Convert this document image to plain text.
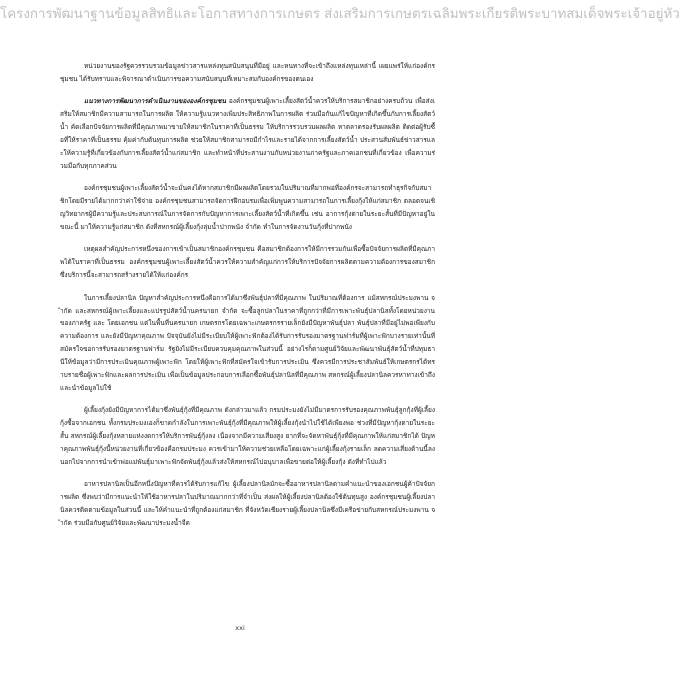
โครงการพัฒนาฐานข้อมูลสิทธิและโอกาสทางการเกษตร ส่งเสริมการเกษตรเฉลิมพระเกียรติพระบาทสมเด็จพระเจ้าอยู่หัว

หน่วยงานของรัฐควรรวบรวมข้อมูลข่าวสารแหล่งทุนสนับสนุนที่มีอยู่ และหนทางที่จะเข้าถึงแหล่งทุนเหล่านี้ เผยแพร่ให้แก่องค์กรชุมชน ได้รับทราบและพิจารณาดำเนินการขอความสนับสนุนที่เหมาะสมกับองค์กรของตนเอง

แนวทางการพัฒนาการดำเนินงานขององค์กรชุมชน องค์กรชุมชนผู้เพาะเลี้ยงสัตว์น้ำควรให้บริการสมาชิกอย่างครบถ้วน เพื่อส่งเสริมให้สมาชิกมีความสามารถในการผลิต ให้ความรู้แนวทางเพิ่มประสิทธิภาพในการผลิต ร่วมมือกันแก้ไขปัญหาที่เกิดขึ้นกับการเลี้ยงสัตว์น้ำ คัดเลือกปัจจัยการผลิตที่มีคุณภาพมาขายให้สมาชิกในราคาที่เป็นธรรม ให้บริการรวบรวมผลผลิต หาตลาดรองรับผลผลิต ติดต่อผู้รับซื้อที่ให้ราคาที่เป็นธรรม คุ้มค่ากับต้นทุนการผลิต ช่วยให้สมาชิกสามารถมีกำไรและรายได้จากการเลี้ยงสัตว์น้ำ ประสานสัมพันธ์ข่าวสารและให้ความรู้ที่เกี่ยวข้องกับการเลี้ยงสัตว์น้ำแก่สมาชิก และทำหน้าที่ประสานงานกับหน่วยงานภาครัฐและภาคเอกชนที่เกี่ยวข้อง เพื่อความร่วมมือกับทุกภาคส่วน

องค์กรชุมชนผู้เพาะเลี้ยงสัตว์น้ำจะมั่นคงได้หากสมาชิกมีผลผลิตโดยรวมในปริมาณที่มากพอที่องค์กรจะสามารถทำธุรกิจกับสมาชิกโดยมีรายได้มากกว่าค่าใช้จ่าย องค์กรชุมชนสามารถจัดการฝึกอบรมเพื่อเพิ่มพูนความสามารถในการเลี้ยงกุ้งให้แก่สมาชิก ตลอดจนเชิญวิทยากรผู้มีความรู้และประสบการณ์ในการจัดการกับปัญหาการเพาะเลี้ยงสัตว์น้ำที่เกิดขึ้น เช่น อาการกุ้งตายในระยะสั้นที่มีปัญหาอยู่ในขณะนี้ มาให้ความรู้แก่สมาชิก ดังที่สหกรณ์ผู้เลี้ยงกุ้งลุ่มน้ำปากพนัง จำกัด ทำในการจัดงานวันกุ้งที่ปากพนัง

เหตุผลสำคัญประการหนึ่งของการเข้าเป็นสมาชิกองค์กรชุมชน คือสมาชิกต้องการให้มีการรวมกันเพื่อซื้อปัจจัยการผลิตที่มีคุณภาพได้ในราคาที่เป็นธรรม องค์กรชุมชนผู้เพาะเลี้ยงสัตว์น้ำควรให้ความสำคัญแก่การให้บริการปัจจัยการผลิตตามความต้องการของสมาชิก ซึ่งบริการนี้จะสามารถสร้างรายได้ให้แก่องค์กร

ในการเลี้ยงปลานิล ปัญหาสำคัญประการหนึ่งคือการได้มาซึ่งพันธุ์ปลาที่มีคุณภาพ ในปริมาณที่ต้องการ แม้สหกรณ์ประมงพาน จำกัด และสหกรณ์ผู้เพาะเลี้ยงและแปรรูปสัตว์น้ำนครนายก จำกัด จะซื้อลูกปลาในราคาที่ถูกกว่าที่มีการเพาะพันธุ์ปลานิลทั้งโดยหน่วยงานของภาครัฐ และ โดยเอกชน แต่ในพื้นที่นครนายก เกษตรกรโดยเฉพาะเกษตรกรรายเล็กยังมีปัญหาพันธุ์ปลา พันธุ์ปลาที่มีอยู่ไม่พอเพียงกับความต้องการ และยังมีปัญหาคุณภาพ ปัจจุบันยังไม่มีระเบียบให้ผู้เพาะฟักต้องได้รับการรับรองมาตรฐานฟาร์มที่ผู้เพาะฟักบางรายเท่านั้นที่สมัครใจขอการรับรองมาตรฐานฟาร์ม รัฐยังไม่มีระเบียบควบคุมคุณภาพในส่วนนี้ อย่างไรก็ตามศูนย์วิจัยและพัฒนาพันธุ์สัตว์น้ำที่ปทุมธานีให้ข้อมูลว่ามีการประเมินคุณภาพผู้เพาะฟัก โดยให้ผู้เพาะฟักที่สมัครใจเข้ารับการประเมิน ซึ่งควรมีการประชาสัมพันธ์ให้เกษตรกรได้ทราบรายชื่อผู้เพาะฟักและผลการประเมิน เพื่อเป็นข้อมูลประกอบการเลือกซื้อพันธุ์ปลานิลที่มีคุณภาพ สหกรณ์ผู้เลี้ยงปลานิลควรหาทางเข้าถึงและนำข้อมูลไปใช้

ผู้เลี้ยงกุ้งยังมีปัญหาการได้มาซึ่งพันธุ์กุ้งที่มีคุณภาพ ดังกล่าวมาแล้ว กรมประมงยังไม่มีมาตรการรับรองคุณภาพพันธุ์ลูกกุ้งที่ผู้เลี้ยงกุ้งซื้อจากเอกชน ทั้งกรมประมงเองก็ขาดกำลังในการเพาะพันธุ์กุ้งที่มีคุณภาพให้ผู้เลี้ยงกุ้งนำไปใช้ได้เพียงพอ ช่วงที่มีปัญหากุ้งตายในระยะสั้น สหกรณ์ผู้เลี้ยงกุ้งหลายแห่งงดการให้บริการพันธุ์กุ้งลง เนื่องจากมีความเสี่ยงสูง ยากที่จะจัดหาพันธุ์กุ้งที่มีคุณภาพให้แก่สมาชิกได้ ปัญหาคุณภาพพันธุ์กุ้งนี้หน่วยงานที่เกี่ยวข้องคือกรมประมง ควรเข้ามาให้ความช่วยเหลือโดยเฉพาะแก่ผู้เลี้ยงกุ้งรายเล็ก ลดความเสี่ยงด้านนี้ลง นอกไปจากการนำเข้าพ่อแม่พันธุ์มาเพาะฟักจัดพันธุ์กุ้งแล้วส่งให้สหกรณ์ไปอนุบาลเพื่อขายต่อให้ผู้เลี้ยงกุ้ง ดังที่ทำไปแล้ว

อาหารปลานิลเป็นอีกหนึ่งปัญหาที่ควรได้รับการแก้ไข ผู้เลี้ยงปลานิลมักจะซื้ออาหารปลานิลตามคำแนะนำของเอกชนผู้ค้าปัจจัยการผลิต ซึ่งพบว่ามีการแนะนำให้ใช้อาหารปลาในปริมาณมากกว่าที่จำเป็น ส่งผลให้ผู้เลี้ยงปลานิลต้องใช้ต้นทุนสูง องค์กรชุมชนผู้เลี้ยงปลานิลควรติดตามข้อมูลในส่วนนี้ และให้คำแนะนำที่ถูกต้องแก่สมาชิก ที่จังหวัดเชียงรายผู้เลี้ยงปลานิลซึ่งมีเครือข่ายกับสหกรณ์ประมงพาน จำกัด ร่วมมือกับศูนย์วิจัยและพัฒนาประมงน้ำจืด

xxi
